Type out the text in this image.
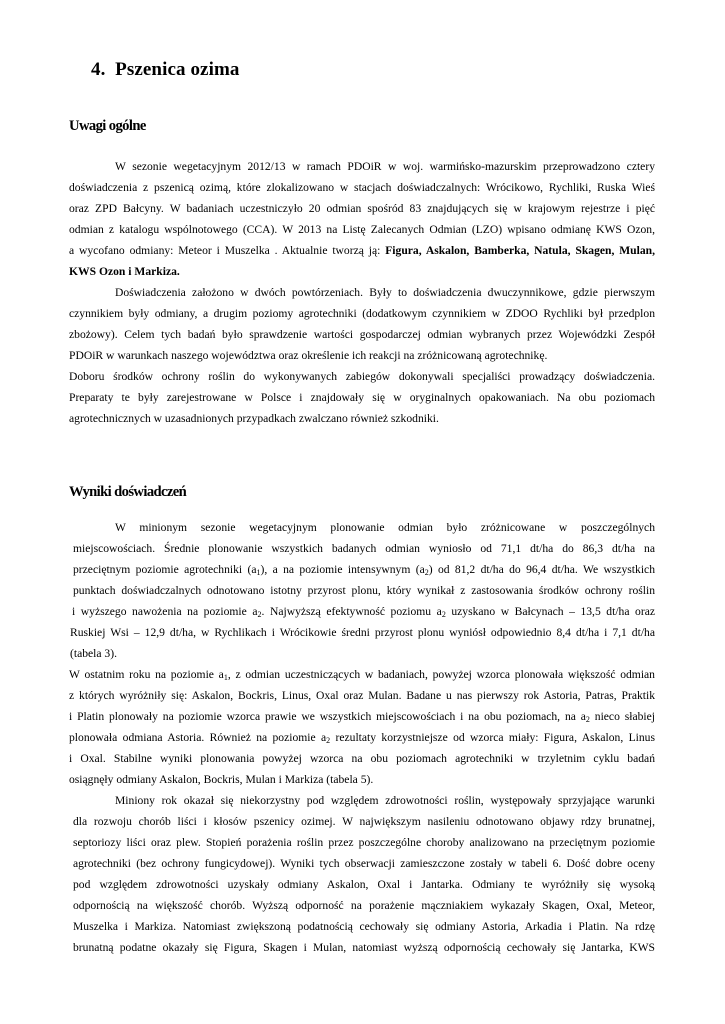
4. Pszenica ozima
Uwagi ogólne
W sezonie wegetacyjnym 2012/13 w ramach PDOiR w woj. warmińsko-mazurskim przeprowadzono cztery
doświadczenia z pszenicą ozimą, które zlokalizowano w stacjach doświadczalnych: Wrócikowo, Rychliki, Ruska Wieś
oraz ZPD Bałcyny. W badaniach uczestniczyło 20 odmian spośród 83 znajdujących się w krajowym rejestrze i pięć
odmian z katalogu wspólnotowego (CCA). W 2013 na Listę Zalecanych Odmian (LZO) wpisano odmianę KWS Ozon,
a wycofano odmiany: Meteor i Muszelka . Aktualnie tworzą ją: Figura, Askalon, Bamberka, Natula, Skagen, Mulan,
KWS Ozon i Markiza.
Doświadczenia założono w dwóch powtórzeniach. Były to doświadczenia dwuczynnikowe, gdzie pierwszym
czynnikiem były odmiany, a drugim poziomy agrotechniki (dodatkowym czynnikiem w ZDOO Rychliki był przedplon
zbożowy). Celem tych badań było sprawdzenie wartości gospodarczej odmian wybranych przez Wojewódzki Zespół
PDOiR w warunkach naszego województwa oraz określenie ich reakcji na zróżnicowaną agrotechnikę.
Doboru środków ochrony roślin do wykonywanych zabiegów dokonywali specjaliści prowadzący doświadczenia.
Preparaty te były zarejestrowane w Polsce i znajdowały się w oryginalnych opakowaniach. Na obu poziomach
agrotechnicznych w uzasadnionych przypadkach zwalczano również szkodniki.
Wyniki doświadczeń
W minionym sezonie wegetacyjnym plonowanie odmian było zróżnicowane w poszczególnych
miejscowościach. Średnie plonowanie wszystkich badanych odmian wyniosło od 71,1 dt/ha do 86,3 dt/ha na
przeciętnym poziomie agrotechniki $(a_1)$, a na poziomie intensywnym $(a_2)$ od 81,2 dt/ha do 96,4 dt/ha. We wszystkich
punktach doświadczalnych odnotowano istotny przyrost plonu, który wynikał z zastosowania środków ochrony roślin
i wyższego nawożenia na poziomie $a_2$. Najwyższą efektywność poziomu $a_2$ uzyskano w Bałcynach – 13,5 dt/ha oraz
Ruskiej Wsi – 12,9 dt/ha, w Rychlikach i Wrócikowie średni przyrost plonu wyniósł odpowiednio 8,4 dt/ha i 7,1 dt/ha
(tabela 3).
W ostatnim roku na poziomie $a_1$, z odmian uczestniczących w badaniach, powyżej wzorca plonowała większość odmian
z których wyróżniły się: Askalon, Bockris, Linus, Oxal oraz Mulan. Badane u nas pierwszy rok Astoria, Patras, Praktik
i Platin plonowały na poziomie wzorca prawie we wszystkich miejscowościach i na obu poziomach, na $a_2$ nieco słabiej
plonowała odmiana Astoria. Również na poziomie $a_2$ rezultaty korzystniejsze od wzorca miały: Figura, Askalon, Linus
i Oxal. Stabilne wyniki plonowania powyżej wzorca na obu poziomach agrotechniki w trzyletnim cyklu badań
osiągnęły odmiany Askalon, Bockris, Mulan i Markiza (tabela 5).
Miniony rok okazał się niekorzystny pod względem zdrowotności roślin, występowały sprzyjające warunki
dla rozwoju chorób liści i kłosów pszenicy ozimej. W największym nasileniu odnotowano objawy rdzy brunatnej,
septoriozy liści oraz plew. Stopień porażenia roślin przez poszczególne choroby analizowano na przeciętnym poziomie
agrotechniki (bez ochrony fungicydowej). Wyniki tych obserwacji zamieszczone zostały w tabeli 6. Dość dobre oceny
pod względem zdrowotności uzyskały odmiany Askalon, Oxal i Jantarka. Odmiany te wyróżniły się wysoką
odpornością na większość chorób. Wyższą odporność na porażenie mączniakiem wykazały Skagen, Oxal, Meteor,
Muszelka i Markiza. Natomiast zwiększoną podatnością cechowały się odmiany Astoria, Arkadia i Platin. Na rdzę
brunatną podatne okazały się Figura, Skagen i Mulan, natomiast wyższą odpornością cechowały się Jantarka, KWS
